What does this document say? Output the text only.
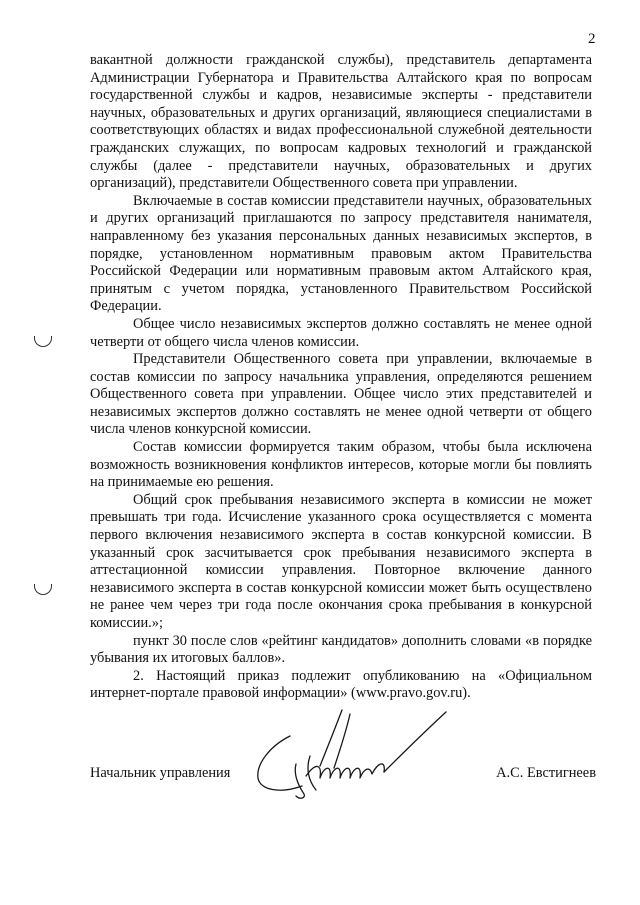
2

вакантной должности гражданской службы), представитель департамента Администрации Губернатора и Правительства Алтайского края по вопросам государственной службы и кадров, независимые эксперты - представители научных, образовательных и других организаций, являющиеся специалистами в соответствующих областях и видах профессиональной служебной деятельности гражданских служащих, по вопросам кадровых технологий и гражданской службы (далее - представители научных, образовательных и других организаций), представители Общественного совета при управлении.

Включаемые в состав комиссии представители научных, образовательных и других организаций приглашаются по запросу представителя нанимателя, направленному без указания персональных данных независимых экспертов, в порядке, установленном нормативным правовым актом Правительства Российской Федерации или нормативным правовым актом Алтайского края, принятым с учетом порядка, установленного Правительством Российской Федерации.

Общее число независимых экспертов должно составлять не менее одной четверти от общего числа членов комиссии.

Представители Общественного совета при управлении, включаемые в состав комиссии по запросу начальника управления, определяются решением Общественного совета при управлении. Общее число этих представителей и независимых экспертов должно составлять не менее одной четверти от общего числа членов конкурсной комиссии.

Состав комиссии формируется таким образом, чтобы была исключена возможность возникновения конфликтов интересов, которые могли бы повлиять на принимаемые ею решения.

Общий срок пребывания независимого эксперта в комиссии не может превышать три года. Исчисление указанного срока осуществляется с момента первого включения независимого эксперта в состав конкурсной комиссии. В указанный срок засчитывается срок пребывания независимого эксперта в аттестационной комиссии управления. Повторное включение данного независимого эксперта в состав конкурсной комиссии может быть осуществлено не ранее чем через три года после окончания срока пребывания в конкурсной комиссии.»;

пункт 30 после слов «рейтинг кандидатов» дополнить словами «в порядке убывания их итоговых баллов».

2. Настоящий приказ подлежит опубликованию на «Официальном интернет-портале правовой информации» (www.pravo.gov.ru).

Начальник управления	А.С. Евстигнеев
